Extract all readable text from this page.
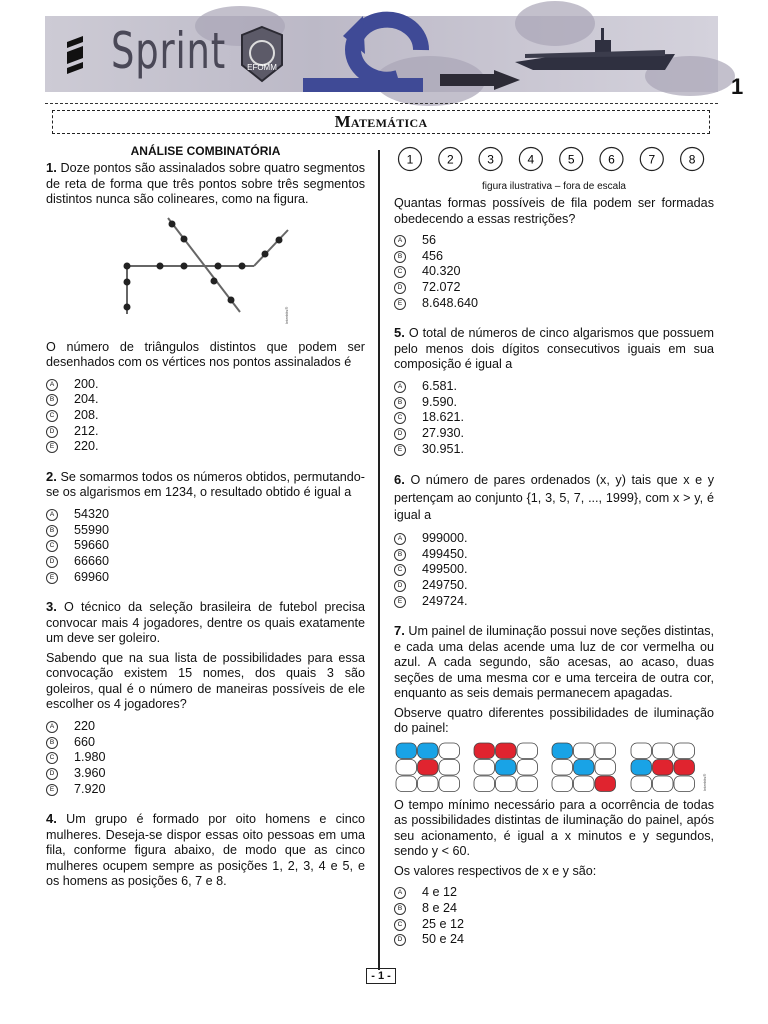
Sprint	EFOMM
1
Matemática
ANÁLISE COMBINATÓRIA

1. Doze pontos são assinalados sobre quatro segmentos de reta de forma que três pontos sobre três segmentos distintos nunca são colineares, como na figura.

Interbits®

O número de triângulos distintos que podem ser desenhados com os vértices nos pontos assinalados é

A	200.
B	204.
C 208.
D 212.
E	220.

2. Se somarmos todos os números obtidos, permutando-se os algarismos em 1234, o resultado obtido é igual a

A	54320
B	55990
C 59660
D 66660
E	69960

3. O técnico da seleção brasileira de futebol precisa convocar mais 4 jogadores, dentre os quais exatamente um deve ser goleiro.

Sabendo que na sua lista de possibilidades para essa convocação existem 15 nomes, dos quais 3 são goleiros, qual é o número de maneiras possíveis de ele escolher os 4 jogadores?

A	220
B	660
C 1.980
D 3.960
E	7.920

4. Um grupo é formado por oito homens e cinco mulheres. Deseja-se dispor essas oito pessoas em uma fila, conforme figura abaixo, de modo que as cinco mulheres ocupem sempre as posições 1, 2, 3, 4 e 5, e os homens as posições 6, 7 e 8.

1	2	3	4	5	6	7	8
figura ilustrativa – fora de escala

Quantas formas possíveis de fila podem ser formadas obedecendo a essas restrições?

A	56
B	456
C 40.320
D 72.072
E	8.648.640

5. O total de números de cinco algarismos que possuem pelo menos dois dígitos consecutivos iguais em sua composição é igual a

A	6.581.
B	9.590.
C 18.621.
D 27.930.
E	30.951.

6. O número de pares ordenados (x, y) tais que x e y pertençam ao conjunto {1, 3, 5, 7, ..., 1999}, com x > y, é igual a

A	999000.
B	499450.
C 499500.
D 249750.
E	249724.

7. Um painel de iluminação possui nove seções distintas, e cada uma delas acende uma luz de cor vermelha ou azul. A cada segundo, são acesas, ao acaso, duas seções de uma mesma cor e uma terceira de outra cor, enquanto as seis demais permanecem apagadas.

Observe quatro diferentes possibilidades de iluminação do painel:

Interbits®

O tempo mínimo necessário para a ocorrência de todas as possibilidades distintas de iluminação do painel, após seu acionamento, é igual a x minutos e y segundos, sendo y < 60.

Os valores respectivos de x e y são:

A	4 e 12
B	8 e 24
C 25 e 12
D 50 e 24
- 1 -
